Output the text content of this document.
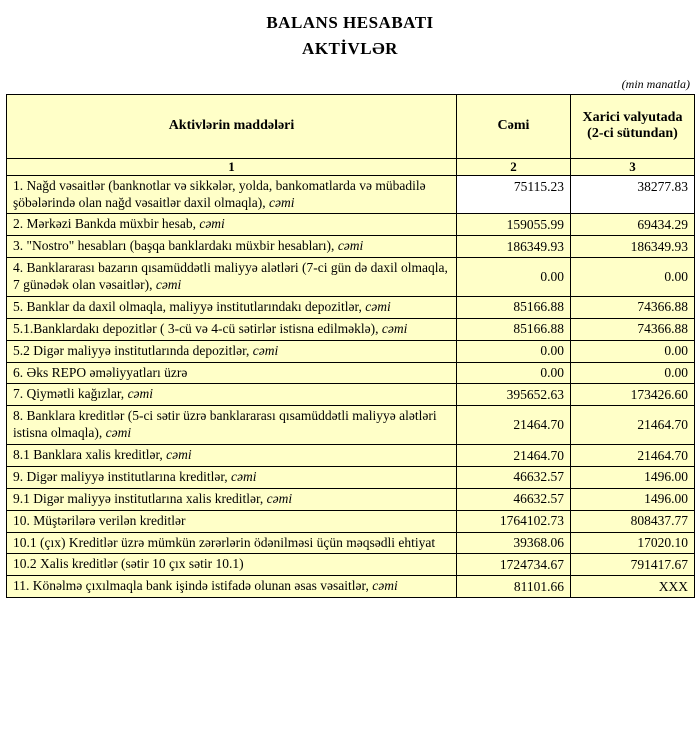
BALANS HESABATI
AKTİVLƏR
(min manatla)
Aktivlərin maddələri	Cəmi	Xarici valyutada (2-ci sütundan)
1	2	3
1. Nağd vəsaitlər (banknotlar və sikkələr, yolda, bankomatlarda və mübadilə şöbələrində olan nağd vəsaitlər daxil olmaqla), cəmi	75115.23	38277.83
2. Mərkəzi Bankda müxbir hesab, cəmi	159055.99	69434.29
3. "Nostro" hesabları (başqa banklardakı müxbir hesabları), cəmi	186349.93	186349.93
4. Banklararası bazarın qısamüddətli maliyyə alətləri (7-ci gün də daxil olmaqla, 7 günədək olan vəsaitlər), cəmi	0.00	0.00
5. Banklar da daxil olmaqla, maliyyə institutlarındakı depozitlər, cəmi	85166.88	74366.88
5.1.Banklardakı depozitlər ( 3-cü və 4-cü sətirlər istisna edilməklə), cəmi	85166.88	74366.88
5.2 Digər maliyyə institutlarında depozitlər, cəmi	0.00	0.00
6. Əks REPO əməliyyatları üzrə	0.00	0.00
7. Qiymətli kağızlar, cəmi	395652.63	173426.60
8. Banklara kreditlər (5-ci sətir üzrə banklararası qısamüddətli maliyyə alətləri istisna olmaqla), cəmi	21464.70	21464.70
8.1 Banklara xalis kreditlər, cəmi	21464.70	21464.70
9. Digər maliyyə institutlarına kreditlər, cəmi	46632.57	1496.00
9.1 Digər maliyyə institutlarına xalis kreditlər, cəmi	46632.57	1496.00
10. Müştərilərə verilən kreditlər	1764102.73	808437.77
10.1 (çıx) Kreditlər üzrə mümkün zərərlərin ödənilməsi üçün məqsədli ehtiyat	39368.06	17020.10
10.2 Xalis kreditlər (sətir 10 çıx sətir 10.1)	1724734.67	791417.67
11. Könəlmə çıxılmaqla bank işində istifadə olunan əsas vəsaitlər, cəmi	81101.66	XXX
